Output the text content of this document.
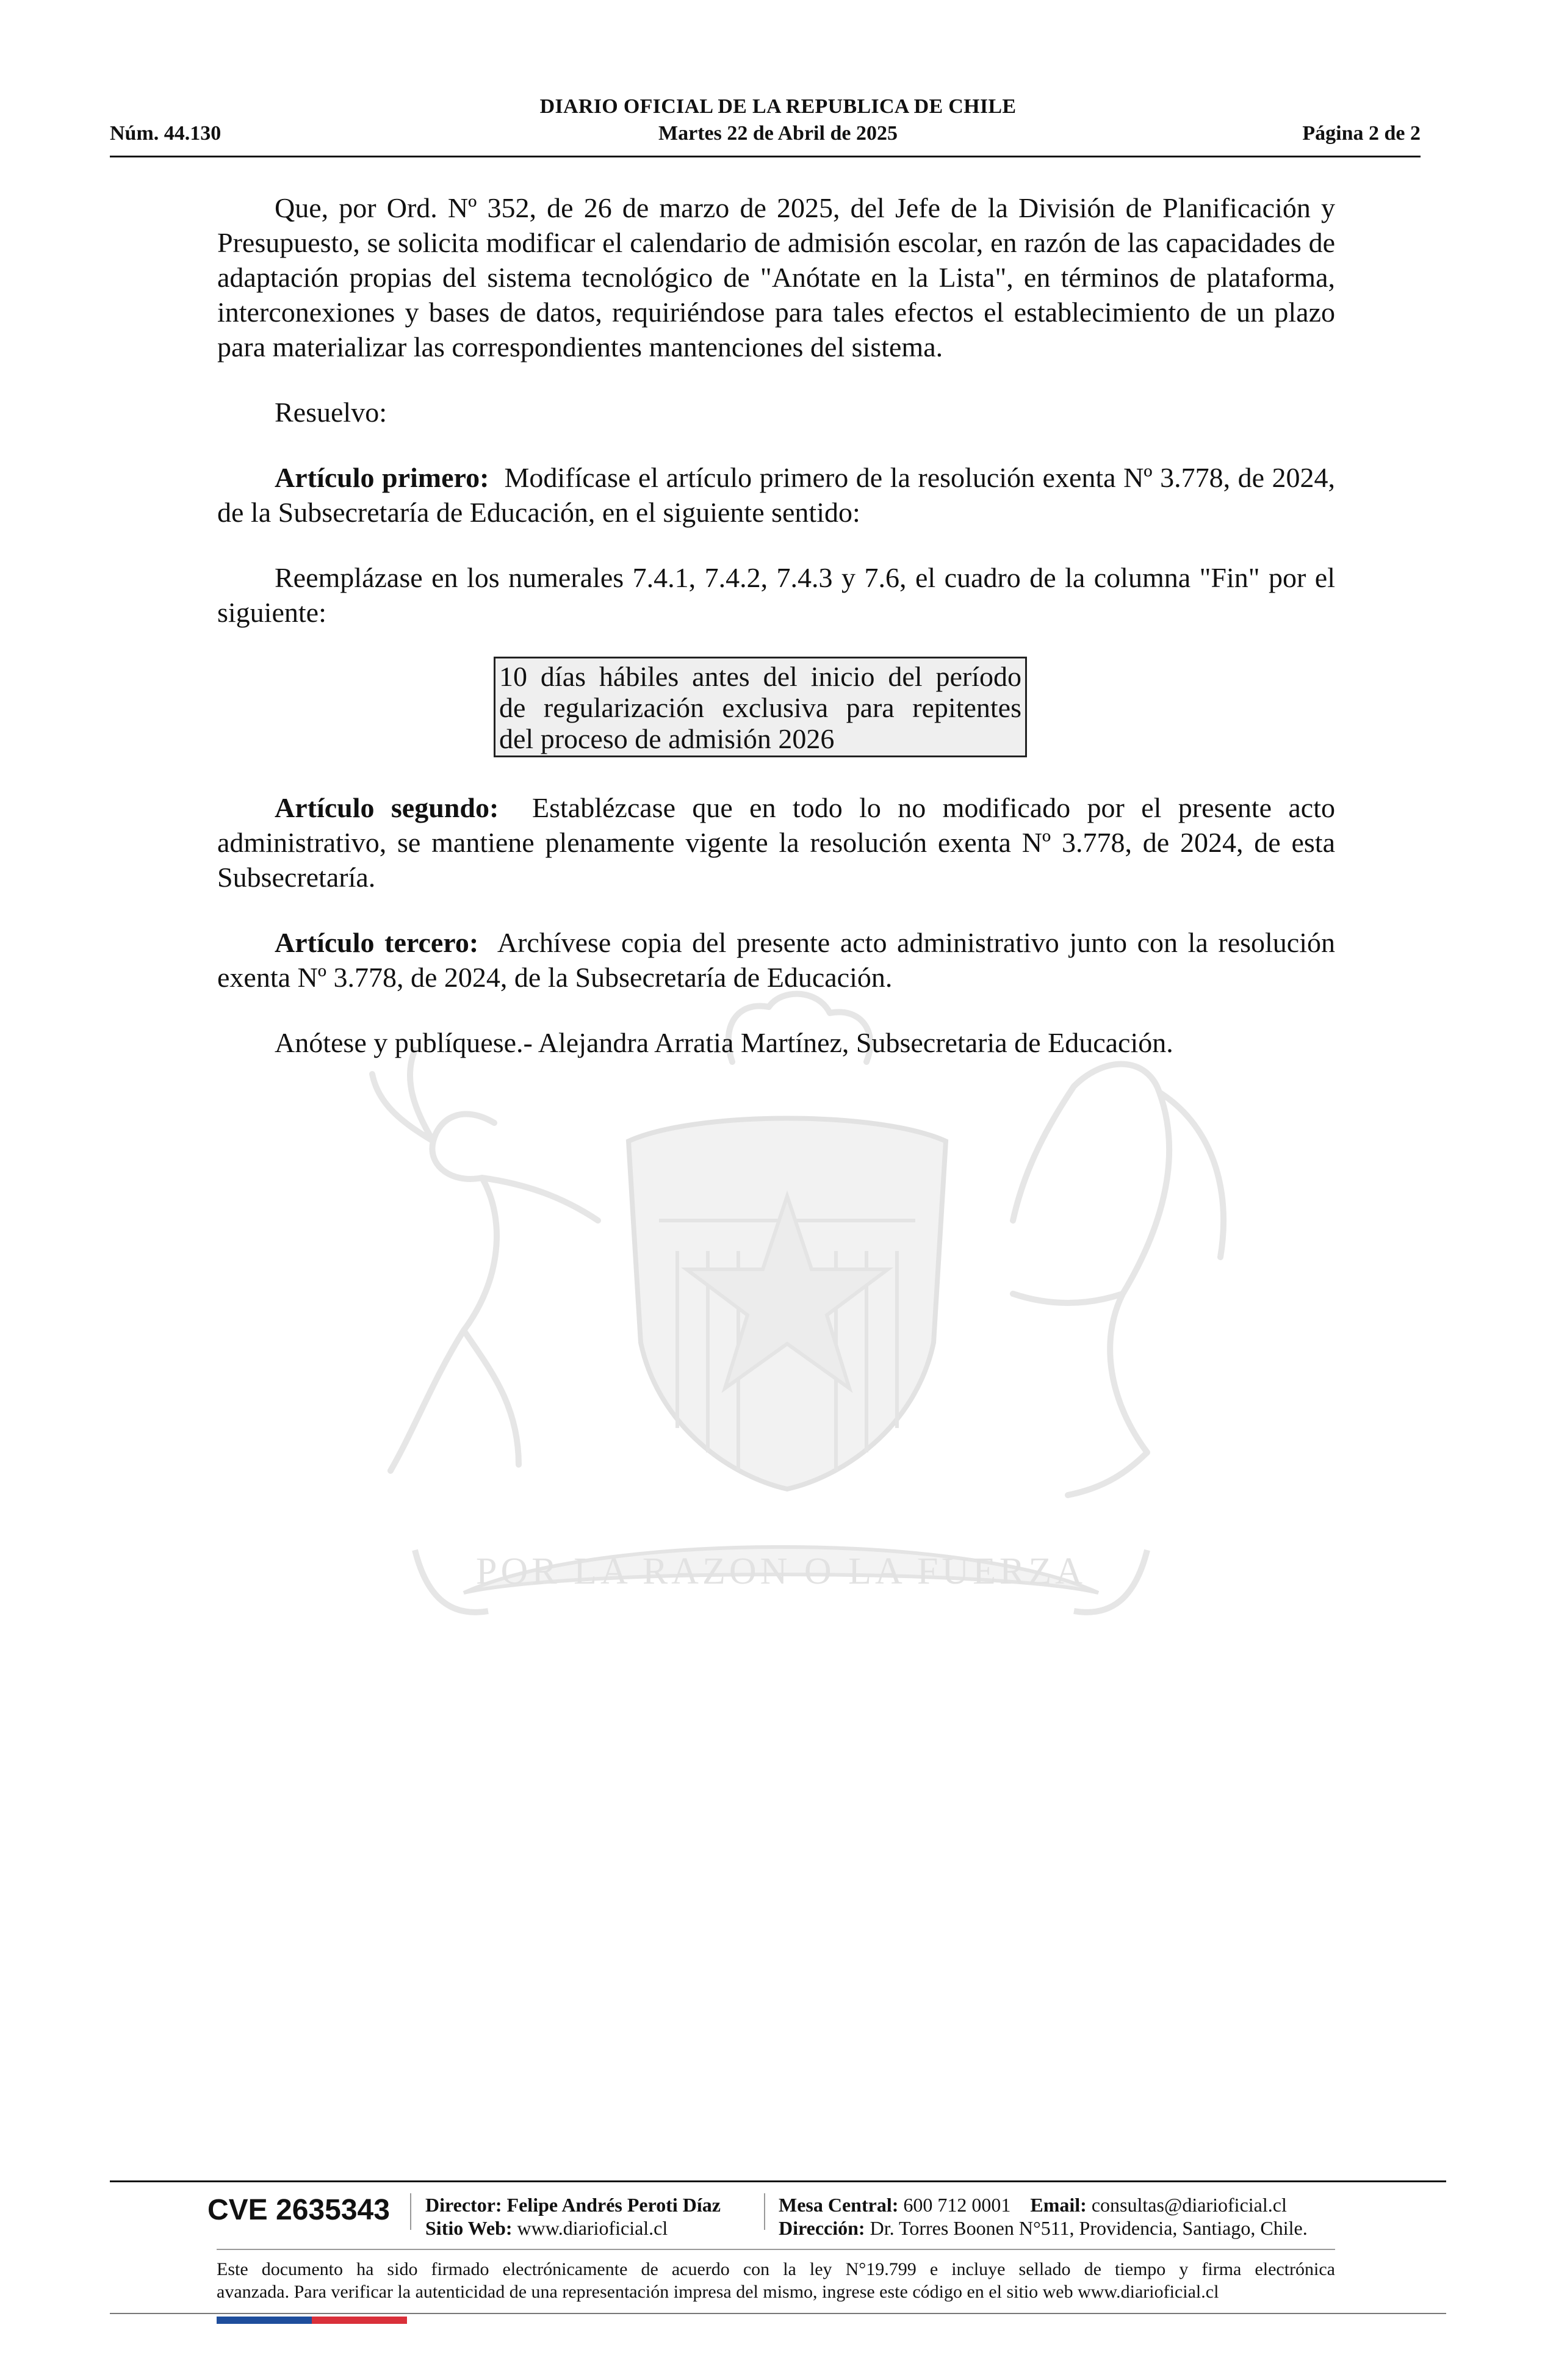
DIARIO OFICIAL DE LA REPUBLICA DE CHILE
Núm. 44.130	Martes 22 de Abril de 2025	Página 2 de 2
POR LA RAZON O LA FUERZA

Que, por Ord. Nº 352, de 26 de marzo de 2025, del Jefe de la División de Planificación y Presupuesto, se solicita modificar el calendario de admisión escolar, en razón de las capacidades de adaptación propias del sistema tecnológico de "Anótate en la Lista", en términos de plataforma, interconexiones y bases de datos, requiriéndose para tales efectos el establecimiento de un plazo para materializar las correspondientes mantenciones del sistema.

Resuelvo:

Artículo primero: Modifícase el artículo primero de la resolución exenta Nº 3.778, de 2024, de la Subsecretaría de Educación, en el siguiente sentido:

Reemplázase en los numerales 7.4.1, 7.4.2, 7.4.3 y 7.6, el cuadro de la columna "Fin" por el siguiente:

10 días hábiles antes del inicio del período
de regularización exclusiva para repitentes
del proceso de admisión 2026

Artículo segundo: Establézcase que en todo lo no modificado por el presente acto administrativo, se mantiene plenamente vigente la resolución exenta Nº 3.778, de 2024, de esta Subsecretaría.

Artículo tercero: Archívese copia del presente acto administrativo junto con la resolución exenta Nº 3.778, de 2024, de la Subsecretaría de Educación.

Anótese y publíquese.- Alejandra Arratia Martínez, Subsecretaria de Educación.

CVE 2635343 Director: Felipe Andrés Peroti Díaz
Sitio Web: www.diarioficial.cl
Mesa Central: 600 712 0001 Email: consultas@diarioficial.cl
Dirección: Dr. Torres Boonen N°511, Providencia, Santiago, Chile.
Este documento ha sido firmado electrónicamente de acuerdo con la ley N°19.799 e incluye sellado de tiempo y firma electrónica
avanzada. Para verificar la autenticidad de una representación impresa del mismo, ingrese este código en el sitio web www.diarioficial.cl
